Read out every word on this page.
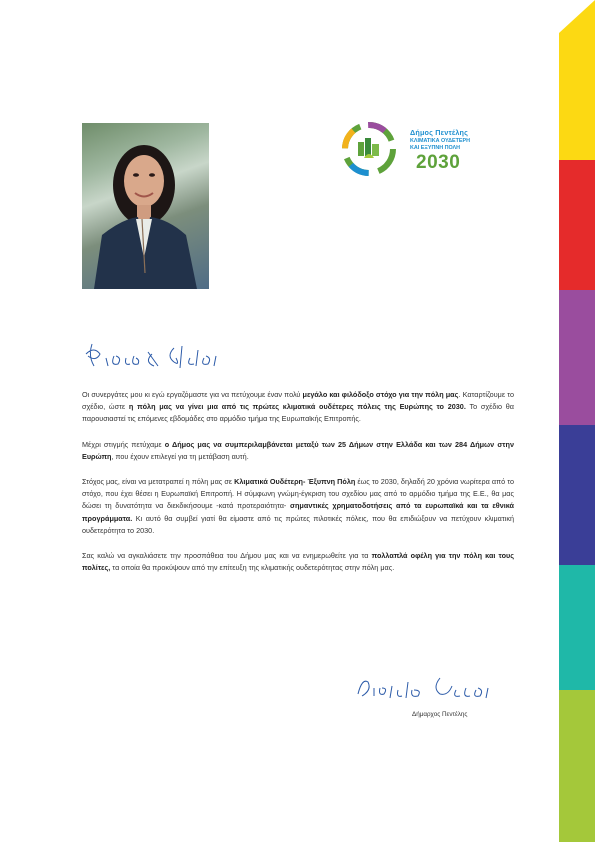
Δήμος Πεντέλης
ΚΛΙΜΑΤΙΚΑ ΟΥΔΕΤΕΡΗ
ΚΑΙ ΕΞΥΠΝΗ ΠΟΛΗ
2030
Φίλες & φίλοι

Οι συνεργάτες μου κι εγώ εργαζόμαστε για να πετύχουμε έναν πολύ μεγάλο και φιλόδοξο στόχο για την πόλη μας. Καταρτίζουμε το σχέδιο, ώστε η πόλη μας να γίνει μια από τις πρώτες κλιματικά ουδέτερες πόλεις της Ευρώπης το 2030. Το σχέδιο θα παρουσιαστεί τις επόμενες εβδομάδες στο αρμόδιο τμήμα της Ευρωπαϊκής Επιτροπής.

Μέχρι στιγμής πετύχαμε ο Δήμος μας να συμπεριλαμβάνεται μεταξύ των 25 Δήμων στην Ελλάδα και των 284 Δήμων στην Ευρώπη, που έχουν επιλεγεί για τη μετάβαση αυτή.

Στόχος μας, είναι να μετατραπεί η πόλη μας σε Κλιματικά Ουδέτερη- Έξυπνη Πόλη έως το 2030, δηλαδή 20 χρόνια νωρίτερα από το στόχο, που έχει θέσει η Ευρωπαϊκή Επιτροπή. Η σύμφωνη γνώμη-έγκριση του σχεδίου μας από το αρμόδιο τμήμα της Ε.Ε., θα μας δώσει τη δυνατότητα να διεκδικήσουμε -κατά προτεραιότητα- σημαντικές χρηματοδοτήσεις από τα ευρωπαϊκά και τα εθνικά προγράμματα. Κι αυτό θα συμβεί γιατί θα είμαστε από τις πρώτες πιλοτικές πόλεις, που θα επιδιώξουν να πετύχουν κλιματική ουδετερότητα το 2030.

Σας καλώ να αγκαλιάσετε την προσπάθεια του Δήμου μας και να ενημερωθείτε για τα πολλαπλά οφέλη για την πόλη και τους πολίτες, τα οποία θα προκύψουν από την επίτευξη της κλιματικής ουδετερότητας στην πόλη μας.

Δήμητρα Κεχαγιά
Δήμαρχος Πεντέλης
